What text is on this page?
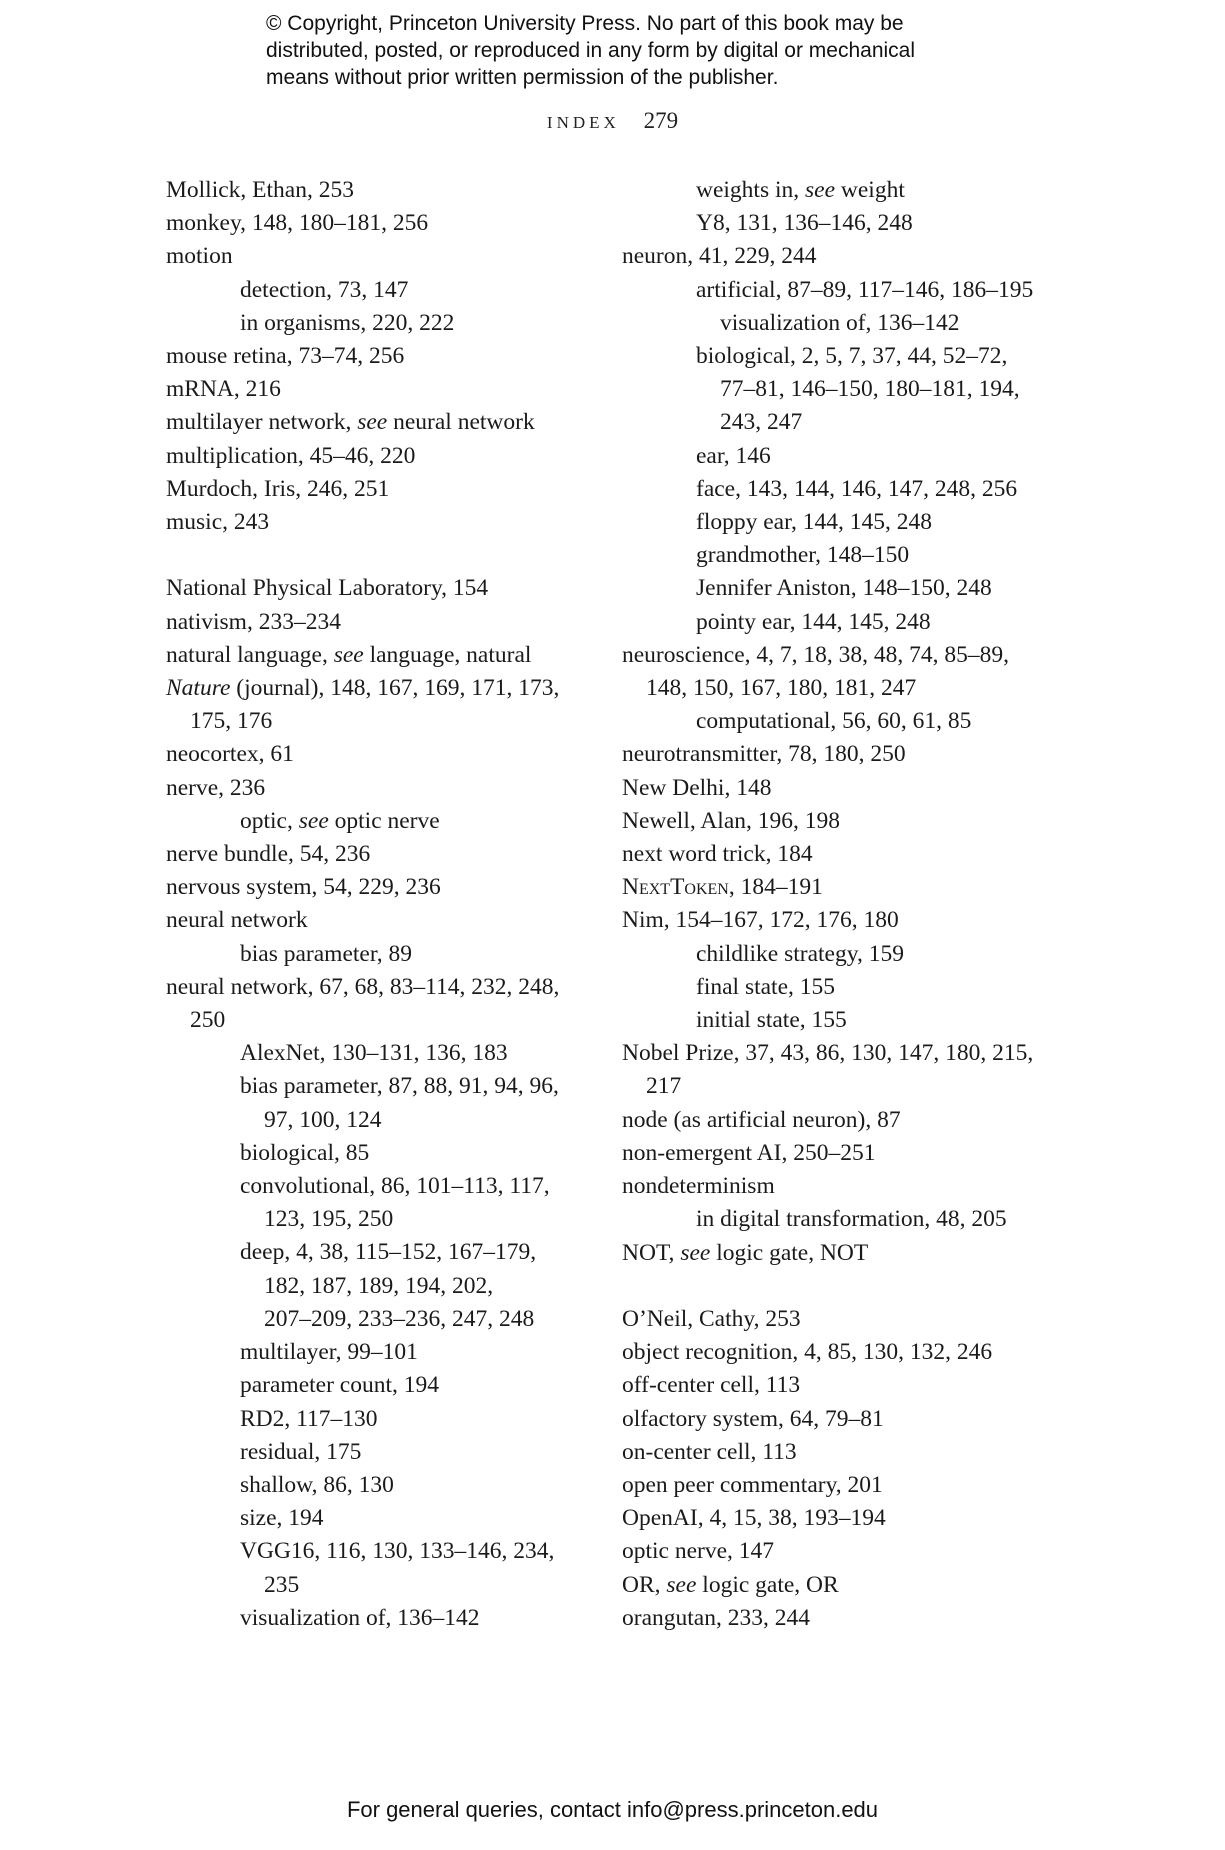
© Copyright, Princeton University Press. No part of this book may be
distributed, posted, or reproduced in any form by digital or mechanical
means without prior written permission of the publisher.
INDEX 279
Mollick, Ethan, 253
monkey, 148, 180–181, 256
motion
detection, 73, 147
in organisms, 220, 222
mouse retina, 73–74, 256
mRNA, 216
multilayer network, see neural network
multiplication, 45–46, 220
Murdoch, Iris, 246, 251
music, 243
National Physical Laboratory, 154
nativism, 233–234
natural language, see language, natural
Nature (journal), 148, 167, 169, 171, 173,
175, 176
neocortex, 61
nerve, 236
optic, see optic nerve
nerve bundle, 54, 236
nervous system, 54, 229, 236
neural network
bias parameter, 89
neural network, 67, 68, 83–114, 232, 248,
250
AlexNet, 130–131, 136, 183
bias parameter, 87, 88, 91, 94, 96,
97, 100, 124
biological, 85
convolutional, 86, 101–113, 117,
123, 195, 250
deep, 4, 38, 115–152, 167–179,
182, 187, 189, 194, 202,
207–209, 233–236, 247, 248
multilayer, 99–101
parameter count, 194
RD2, 117–130
residual, 175
shallow, 86, 130
size, 194
VGG16, 116, 130, 133–146, 234,
235
visualization of, 136–142
weights in, see weight
Y8, 131, 136–146, 248
neuron, 41, 229, 244
artificial, 87–89, 117–146, 186–195
visualization of, 136–142
biological, 2, 5, 7, 37, 44, 52–72,
77–81, 146–150, 180–181, 194,
243, 247
ear, 146
face, 143, 144, 146, 147, 248, 256
floppy ear, 144, 145, 248
grandmother, 148–150
Jennifer Aniston, 148–150, 248
pointy ear, 144, 145, 248
neuroscience, 4, 7, 18, 38, 48, 74, 85–89,
148, 150, 167, 180, 181, 247
computational, 56, 60, 61, 85
neurotransmitter, 78, 180, 250
New Delhi, 148
Newell, Alan, 196, 198
next word trick, 184
NextToken, 184–191
Nim, 154–167, 172, 176, 180
childlike strategy, 159
final state, 155
initial state, 155
Nobel Prize, 37, 43, 86, 130, 147, 180, 215,
217
node (as artificial neuron), 87
non-emergent AI, 250–251
nondeterminism
in digital transformation, 48, 205
NOT, see logic gate, NOT
O’Neil, Cathy, 253
object recognition, 4, 85, 130, 132, 246
off-center cell, 113
olfactory system, 64, 79–81
on-center cell, 113
open peer commentary, 201
OpenAI, 4, 15, 38, 193–194
optic nerve, 147
OR, see logic gate, OR
orangutan, 233, 244
For general queries, contact info@press.princeton.edu
